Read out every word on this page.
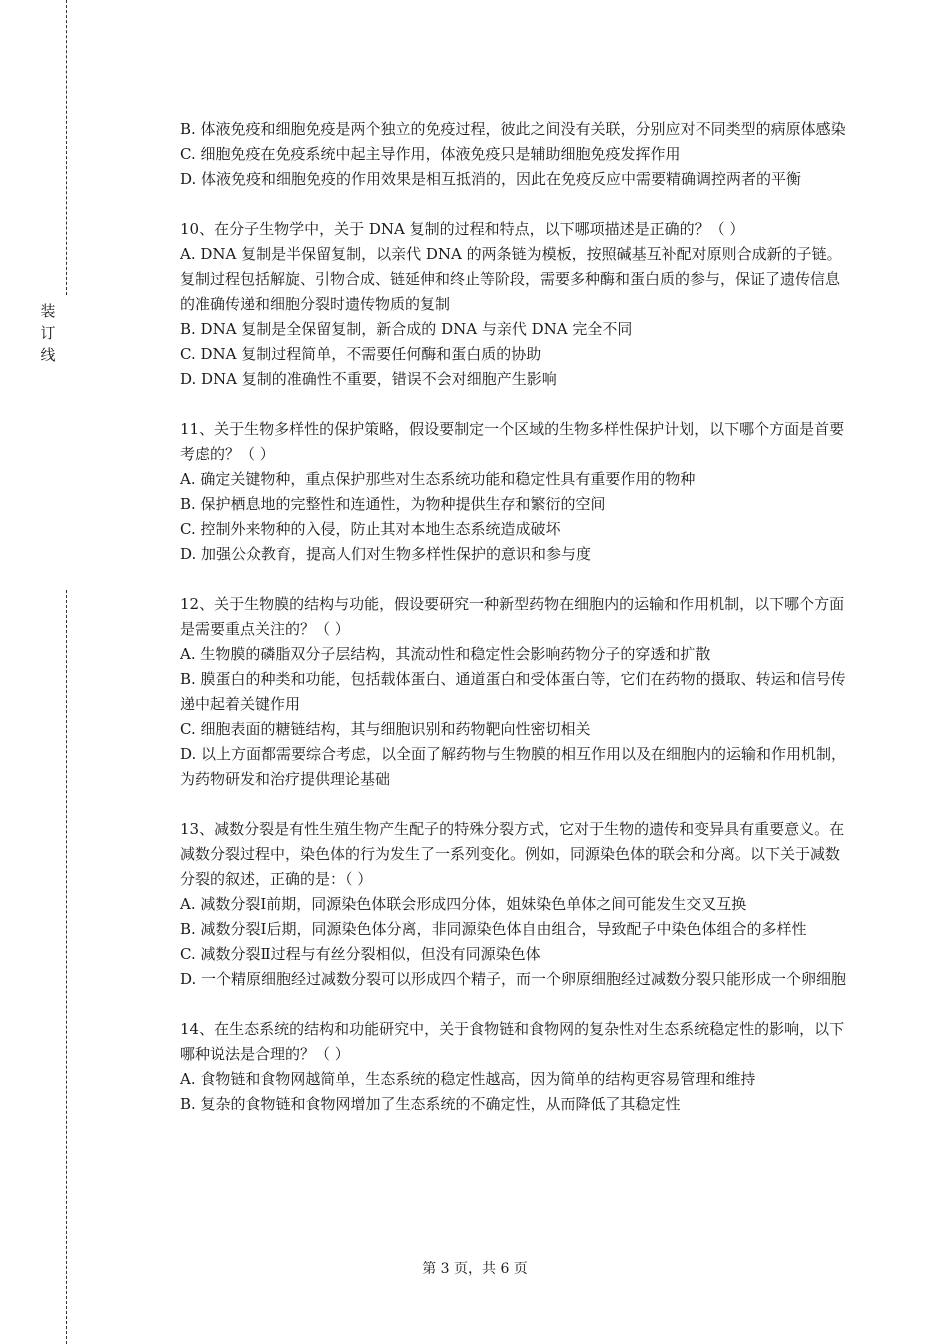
装
订
线

B. 体液免疫和细胞免疫是两个独立的免疫过程，彼此之间没有关联，分别应对不同类型的病原体感染

C. 细胞免疫在免疫系统中起主导作用，体液免疫只是辅助细胞免疫发挥作用

D. 体液免疫和细胞免疫的作用效果是相互抵消的，因此在免疫反应中需要精确调控两者的平衡

10、在分子生物学中，关于 DNA 复制的过程和特点，以下哪项描述是正确的？（ ）

A. DNA 复制是半保留复制，以亲代 DNA 的两条链为模板，按照碱基互补配对原则合成新的子链。复制过程包括解旋、引物合成、链延伸和终止等阶段，需要多种酶和蛋白质的参与，保证了遗传信息的准确传递和细胞分裂时遗传物质的复制

B. DNA 复制是全保留复制，新合成的 DNA 与亲代 DNA 完全不同

C. DNA 复制过程简单，不需要任何酶和蛋白质的协助

D. DNA 复制的准确性不重要，错误不会对细胞产生影响

11、关于生物多样性的保护策略，假设要制定一个区域的生物多样性保护计划，以下哪个方面是首要考虑的？（ ）

A. 确定关键物种，重点保护那些对生态系统功能和稳定性具有重要作用的物种

B. 保护栖息地的完整性和连通性，为物种提供生存和繁衍的空间

C. 控制外来物种的入侵，防止其对本地生态系统造成破坏

D. 加强公众教育，提高人们对生物多样性保护的意识和参与度

12、关于生物膜的结构与功能，假设要研究一种新型药物在细胞内的运输和作用机制，以下哪个方面是需要重点关注的？（ ）

A. 生物膜的磷脂双分子层结构，其流动性和稳定性会影响药物分子的穿透和扩散

B. 膜蛋白的种类和功能，包括载体蛋白、通道蛋白和受体蛋白等，它们在药物的摄取、转运和信号传递中起着关键作用

C. 细胞表面的糖链结构，其与细胞识别和药物靶向性密切相关

D. 以上方面都需要综合考虑，以全面了解药物与生物膜的相互作用以及在细胞内的运输和作用机制，为药物研发和治疗提供理论基础

13、减数分裂是有性生殖生物产生配子的特殊分裂方式，它对于生物的遗传和变异具有重要意义。在减数分裂过程中，染色体的行为发生了一系列变化。例如，同源染色体的联会和分离。以下关于减数分裂的叙述，正确的是：（ ）

A. 减数分裂Ⅰ前期，同源染色体联会形成四分体，姐妹染色单体之间可能发生交叉互换

B. 减数分裂Ⅰ后期，同源染色体分离，非同源染色体自由组合，导致配子中染色体组合的多样性

C. 减数分裂Ⅱ过程与有丝分裂相似，但没有同源染色体

D. 一个精原细胞经过减数分裂可以形成四个精子，而一个卵原细胞经过减数分裂只能形成一个卵细胞

14、在生态系统的结构和功能研究中，关于食物链和食物网的复杂性对生态系统稳定性的影响，以下哪种说法是合理的？（ ）

A. 食物链和食物网越简单，生态系统的稳定性越高，因为简单的结构更容易管理和维持

B. 复杂的食物链和食物网增加了生态系统的不确定性，从而降低了其稳定性

第 3 页，共 6 页
